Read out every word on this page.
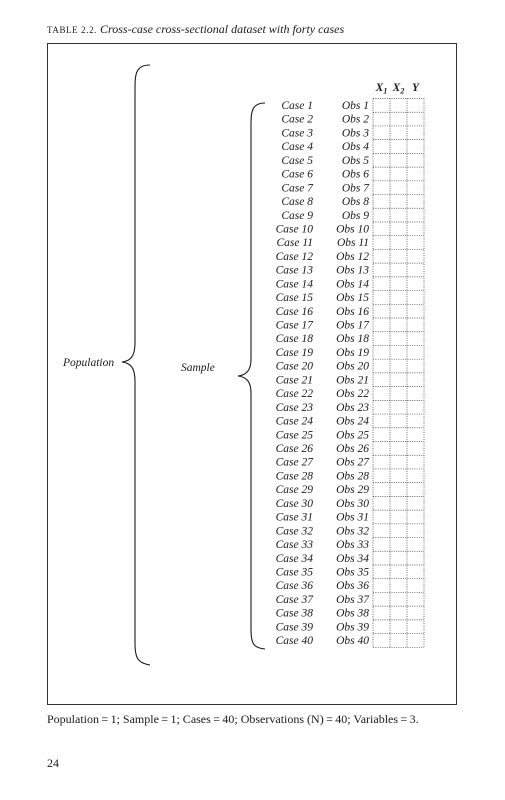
TABLE 2.2. Cross-case cross-sectional dataset with forty cases
Population	Sample
$X_1$ $X_2$ Y
Case 1
Case 2
Case 3
Case 4
Case 5
Case 6
Case 7
Case 8
Case 9
Case 10
Case 11
Case 12
Case 13
Case 14
Case 15
Case 16
Case 17
Case 18
Case 19
Case 20
Case 21
Case 22
Case 23
Case 24
Case 25
Case 26
Case 27
Case 28
Case 29
Case 30
Case 31
Case 32
Case 33
Case 34
Case 35
Case 36
Case 37
Case 38
Case 39
Case 40
Obs 1
Obs 2
Obs 3
Obs 4
Obs 5
Obs 6
Obs 7
Obs 8
Obs 9
Obs 10
Obs 11
Obs 12
Obs 13
Obs 14
Obs 15
Obs 16
Obs 17
Obs 18
Obs 19
Obs 20
Obs 21
Obs 22
Obs 23
Obs 24
Obs 25
Obs 26
Obs 27
Obs 28
Obs 29
Obs 30
Obs 31
Obs 32
Obs 33
Obs 34
Obs 35
Obs 36
Obs 37
Obs 38
Obs 39
Obs 40
Population = 1; Sample = 1; Cases = 40; Observations (N) = 40; Variables = 3.
24
